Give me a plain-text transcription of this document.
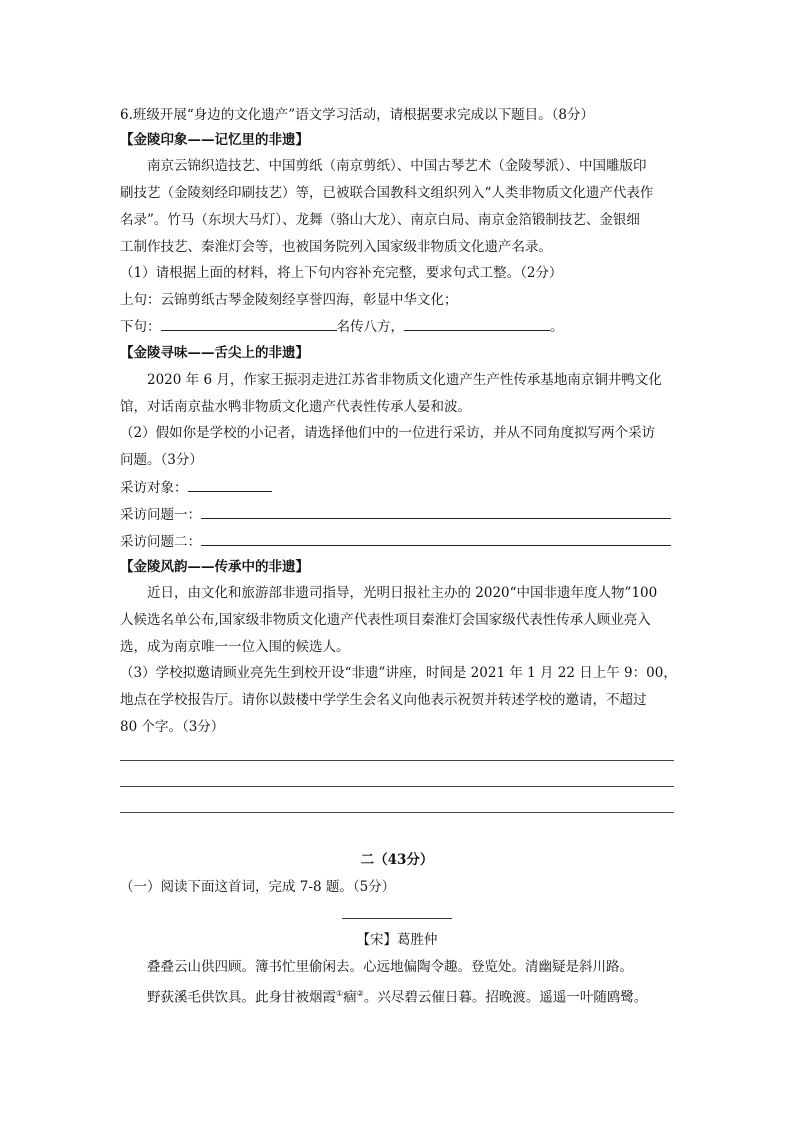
6.班级开展“身边的文化遗产”语文学习活动，请根据要求完成以下题目。（8分）
【金陵印象——记忆里的非遗】
南京云锦织造技艺、中国剪纸（南京剪纸）、中国古琴艺术（金陵琴派）、中国雕版印
刷技艺（金陵刻经印刷技艺）等，已被联合国教科文组织列入“人类非物质文化遗产代表作
名录”。竹马（东坝大马灯）、龙舞（骆山大龙）、南京白局、南京金箔锻制技艺、金银细
工制作技艺、秦淮灯会等，也被国务院列入国家级非物质文化遗产名录。
（1）请根据上面的材料，将上下句内容补充完整，要求句式工整。（2分）
上句：云锦剪纸古琴金陵刻经享誉四海，彰显中华文化；
下句：	名传八方，	。
【金陵寻味——舌尖上的非遗】
2020 年 6 月，作家王振羽走进江苏省非物质文化遗产生产性传承基地南京铜井鸭文化
馆，对话南京盐水鸭非物质文化遗产代表性传承人晏和波。
（2）假如你是学校的小记者，请选择他们中的一位进行采访，并从不同角度拟写两个采访
问题。（3分）
采访对象：
采访问题一：
采访问题二：
【金陵风韵——传承中的非遗】
近日，由文化和旅游部非遗司指导，光明日报社主办的 2020“中国非遗年度人物”100
人候选名单公布,国家级非物质文化遗产代表性项目秦淮灯会国家级代表性传承人顾业亮入
选，成为南京唯一一位入围的候选人。
（3）学校拟邀请顾业亮先生到校开设“非遗”讲座，时间是 2021 年 1 月 22 日上午 9：00，
地点在学校报告厅。请你以鼓楼中学学生会名义向他表示祝贺并转述学校的邀请，不超过
80 个字。（3分）
二（43分）
（一）阅读下面这首词，完成 7-8 题。（5分）
【宋】葛胜仲
叠叠云山供四顾。簿书忙里偷闲去。心远地偏陶令趣。登览处。清幽疑是斜川路。
野荻溪毛供饮具。此身甘被烟霞①痼②。兴尽碧云催日暮。招晚渡。遥遥一叶随鸥鹭。
